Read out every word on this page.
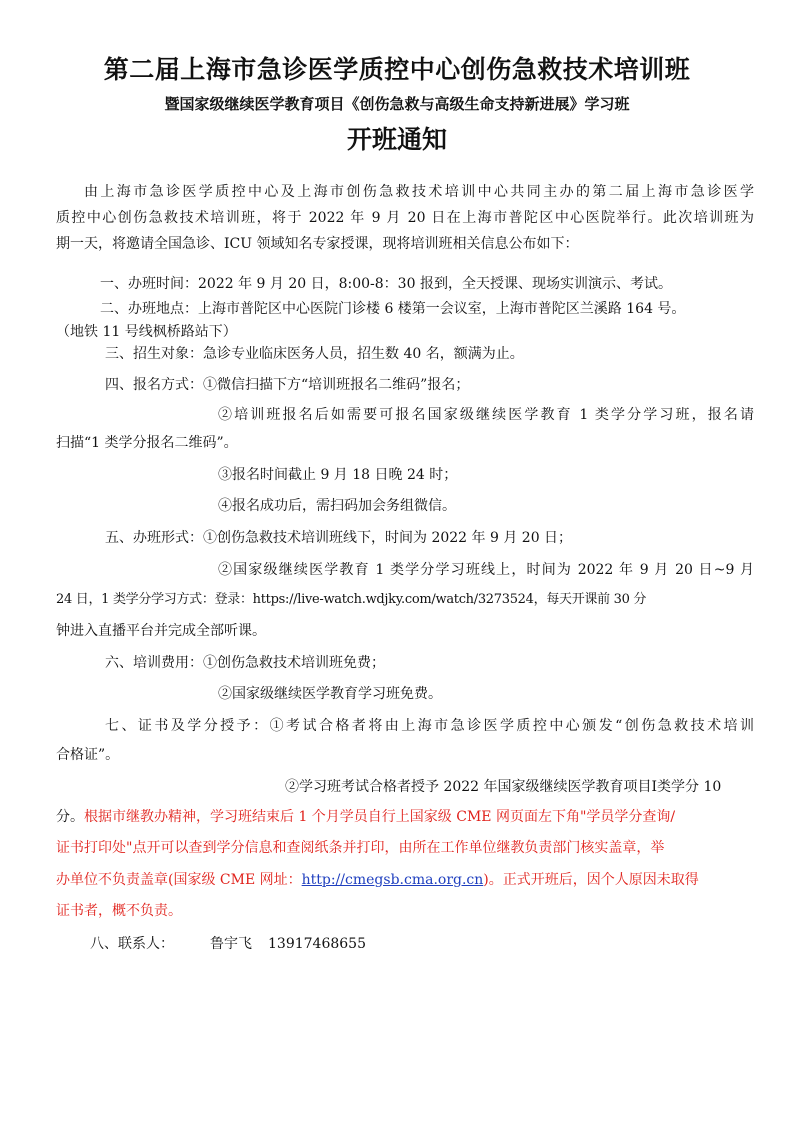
第二届上海市急诊医学质控中心创伤急救技术培训班
暨国家级继续医学教育项目《创伤急救与高级生命支持新进展》学习班
开班通知

由上海市急诊医学质控中心及上海市创伤急救技术培训中心共同主办的第二届上海市急诊医学

质控中心创伤急救技术培训班，将于 2022 年 9 月 20 日在上海市普陀区中心医院举行。此次培训班为

期一天，将邀请全国急诊、ICU 领域知名专家授课，现将培训班相关信息公布如下：

一、办班时间：2022 年 9 月 20 日，8:00-8：30 报到，全天授课、现场实训演示、考试。

二、办班地点：上海市普陀区中心医院门诊楼 6 楼第一会议室，上海市普陀区兰溪路 164 号。

（地铁 11 号线枫桥路站下）

三、招生对象：急诊专业临床医务人员，招生数 40 名，额满为止。

四、报名方式：①微信扫描下方“培训班报名二维码”报名；

②培训班报名后如需要可报名国家级继续医学教育 1 类学分学习班，报名请

扫描“1 类学分报名二维码”。

③报名时间截止 9 月 18 日晚 24 时；

④报名成功后，需扫码加会务组微信。

五、办班形式：①创伤急救技术培训班线下，时间为 2022 年 9 月 20 日；

②国家级继续医学教育 1 类学分学习班线上，时间为 2022 年 9 月 20 日~9 月

24 日，1 类学分学习方式：登录：https://live-watch.wdjky.com/watch/3273524，每天开课前 30 分

钟进入直播平台并完成全部听课。

六、培训费用：①创伤急救技术培训班免费；

②国家级继续医学教育学习班免费。

七、证书及学分授予：①考试合格者将由上海市急诊医学质控中心颁发“创伤急救技术培训

合格证”。

②学习班考试合格者授予 2022 年国家级继续医学教育项目Ⅰ类学分 10

分。根据市继教办精神，学习班结束后 1 个月学员自行上国家级 CME 网页面左下角"学员学分查询/

证书打印处"点开可以查到学分信息和查阅纸条并打印，由所在工作单位继教负责部门核实盖章，举

办单位不负责盖章(国家级 CME 网址：http://cmegsb.cma.org.cn)。正式开班后，因个人原因未取得

证书者，概不负责。

八、联系人：	鲁宇飞 13917468655
